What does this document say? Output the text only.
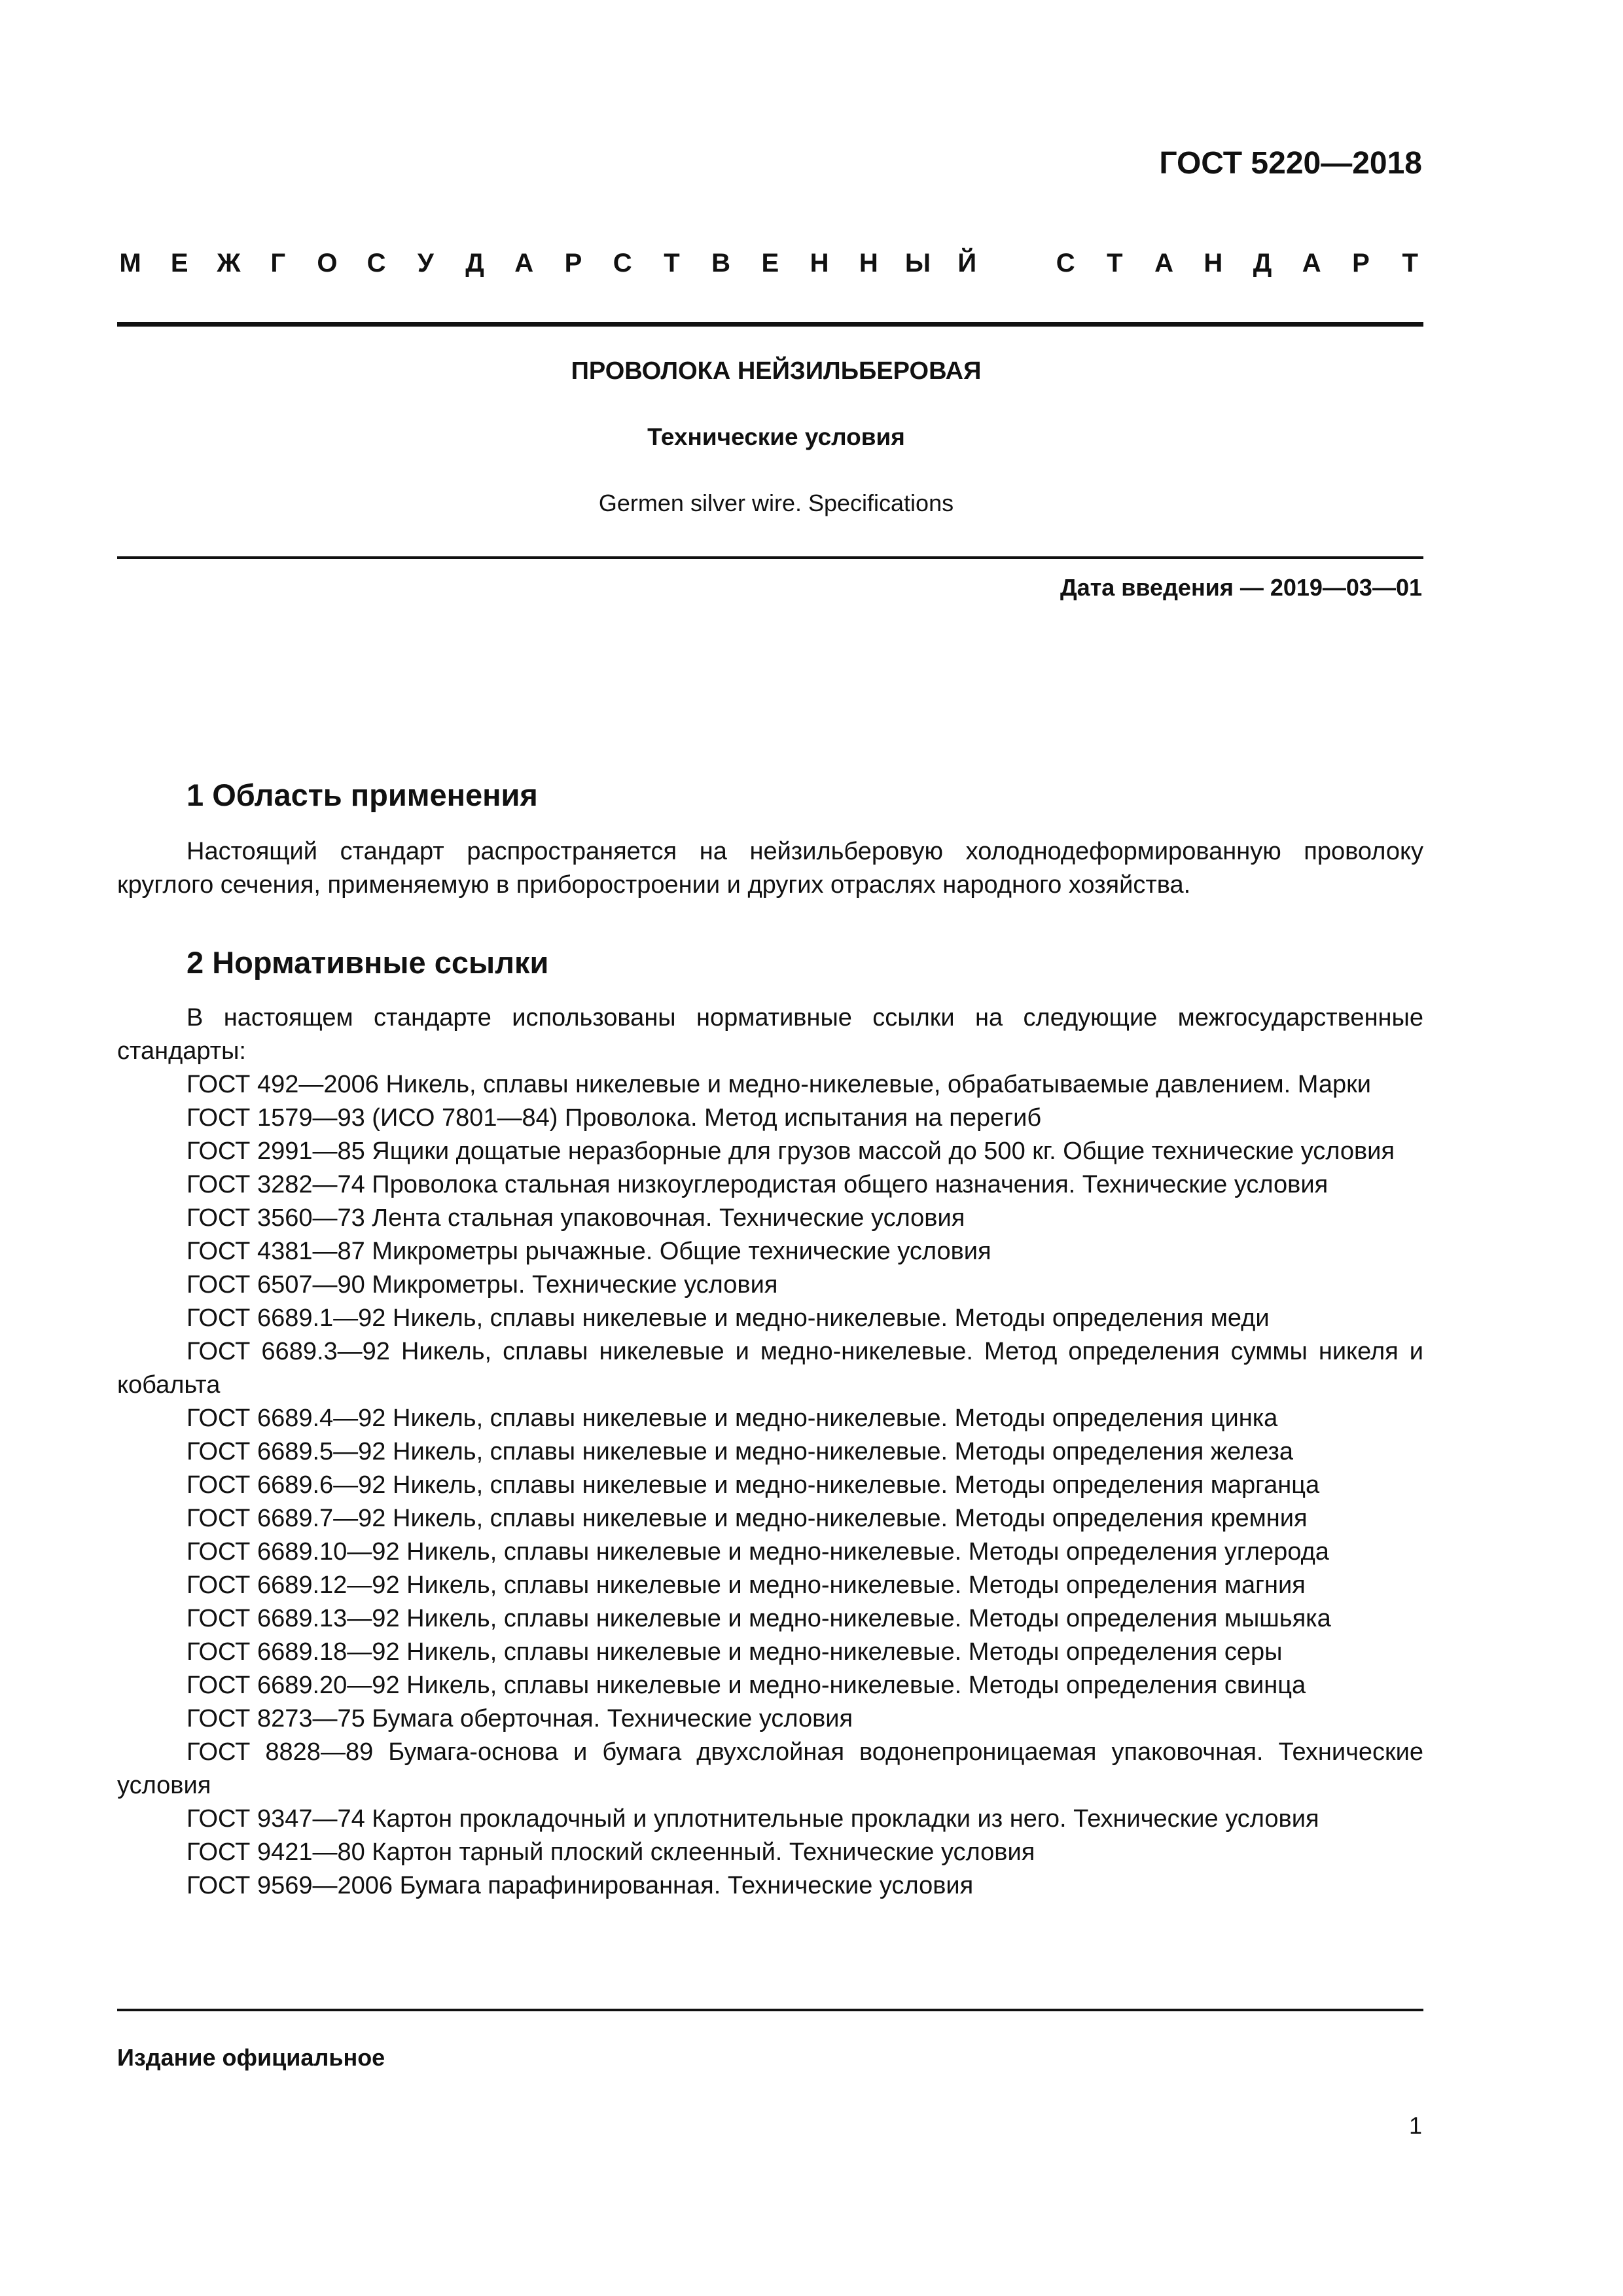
ГОСТ 5220—2018
М Е Ж Г О С У Д А Р С Т В Е Н Н Ы Й	С Т А Н Д А Р Т
ПРОВОЛОКА НЕЙЗИЛЬБЕРОВАЯ
Технические условия
Germen silver wire. Specifications
Дата введения — 2019—03—01
1 Область применения

Настоящий стандарт распространяется на нейзильберовую холоднодеформированную проволоку круглого сечения, применяемую в приборостроении и других отраслях народного хозяйства.

2 Нормативные ссылки

В настоящем стандарте использованы нормативные ссылки на следующие межгосударственные стандарты:

ГОСТ 492—2006 Никель, сплавы никелевые и медно-никелевые, обрабатываемые давлением. Марки

ГОСТ 1579—93 (ИСО 7801—84) Проволока. Метод испытания на перегиб

ГОСТ 2991—85 Ящики дощатые неразборные для грузов массой до 500 кг. Общие технические условия

ГОСТ 3282—74 Проволока стальная низкоуглеродистая общего назначения. Технические условия

ГОСТ 3560—73 Лента стальная упаковочная. Технические условия

ГОСТ 4381—87 Микрометры рычажные. Общие технические условия

ГОСТ 6507—90 Микрометры. Технические условия

ГОСТ 6689.1—92 Никель, сплавы никелевые и медно-никелевые. Методы определения меди

ГОСТ 6689.3—92 Никель, сплавы никелевые и медно-никелевые. Метод определения суммы никеля и кобальта

ГОСТ 6689.4—92 Никель, сплавы никелевые и медно-никелевые. Методы определения цинка

ГОСТ 6689.5—92 Никель, сплавы никелевые и медно-никелевые. Методы определения железа

ГОСТ 6689.6—92 Никель, сплавы никелевые и медно-никелевые. Методы определения марганца

ГОСТ 6689.7—92 Никель, сплавы никелевые и медно-никелевые. Методы определения кремния

ГОСТ 6689.10—92 Никель, сплавы никелевые и медно-никелевые. Методы определения углерода

ГОСТ 6689.12—92 Никель, сплавы никелевые и медно-никелевые. Методы определения магния

ГОСТ 6689.13—92 Никель, сплавы никелевые и медно-никелевые. Методы определения мышьяка

ГОСТ 6689.18—92 Никель, сплавы никелевые и медно-никелевые. Методы определения серы

ГОСТ 6689.20—92 Никель, сплавы никелевые и медно-никелевые. Методы определения свинца

ГОСТ 8273—75 Бумага оберточная. Технические условия

ГОСТ 8828—89 Бумага-основа и бумага двухслойная водонепроницаемая упаковочная. Технические условия

ГОСТ 9347—74 Картон прокладочный и уплотнительные прокладки из него. Технические условия

ГОСТ 9421—80 Картон тарный плоский склеенный. Технические условия

ГОСТ 9569—2006 Бумага парафинированная. Технические условия

Издание официальное
1
